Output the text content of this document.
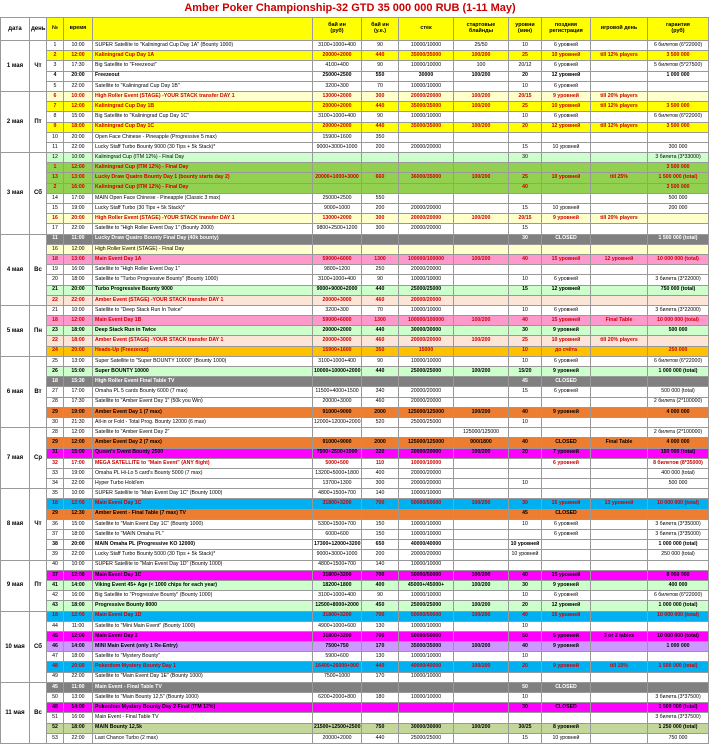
Amber Poker Championship-32 GTD 35 000 000 RUB (1-11 May)
дата	день	№	время		бай ин
(руб)	бай ин
(у.е.)	стек	стартовые
блайнды	уровни
(мин)	поздняя
регистрация	игровой день	гарантия
(руб)
1 мая	Чт	1	10:00	SUPER Satellite to "Kaliningrad Cup Day 1A" (Bounty 1000)	3100+1000+400	90	10000/10000	25/50	10	6 уровней		6 билетов (6*22000)
		2	12:00	Kaliningrad Cup Day 1A	20000+2000	440	35000/35000	100/200	25	10 уровней	till 12% players	3 500 000
		3	17:30	Big Satellite to "Freezeout"	4100+400	90	10000/10000	100	20/12	6 уровней		5 билетов (5*27500)
		4	20:00	Freezeout	25000+2500	550	30000	100/200	20	12 уровней		1 000 000
		5	22:00	Satellite to "Kaliningrad Cup Day 1B"	3200+300	70	10000/10000		10	6 уровней		
2 мая	Пт	6	10:00	High Roller Event (STAGE) -YOUR STACK transfer DAY 1	13000+2000	300	20000/20000	100/200	20/15	9 уровней	till 20% players	
		7	12:00	Kaliningrad Cup Day 1B	20000+2000	440	35000/35000	100/200	25	10 уровней	till 12% players	3 500 000
		8	15:00	Big Satellite to "Kaliningrad Cup Day 1C"	3100+1000+400	90	10000/10000		10	6 уровней		6 билетов (6*22000)
		9	18:00	Kaliningrad Cup Day 1C	20000+2000	440	35000/35000	100/200	20	12 уровней	till 12% players	3 500 000
		10	20:00	Open Face Chinese - Pineapple (Progressive 5 max)	15900+1600	350						
		11	22:00	Lucky Staff Turbo Bounty 9000 (30 Tips + 5k Stack)*	9000+3000+1000	200	20000/20000		15	10 уровней		300 000
3 мая	Сб	12	10:00	Kaliningrad Cup (ITM 12%) - Final Day					30			3 билета (3*33000)
		1	12:00	Kaliningrad Cup (ITM 12%) - Final Day								3 500 000
		13	13:00	Lucky Draw Quatro Bounty Day 1 (bounty starts day 2)	20000+1000+3000	660	36000/35000	100/200	25	10 уровней	till 25%	1 500 000 (total)
		2	16:00	Kaliningrad Cup (ITM 12%) - Final Day					40			3 500 000
		14	17:00	MAIN Open Face Chinese - Pineapple (Classic 3 max)	25000+2500	550						500 000
		15	19:00	Lucky Staff Turbo (30 Tips + 5k Stack)*	9000+1000	200	20000/20000		15	10 уровней		200 000
		16	20:00	High Roller Event (STAGE) -YOUR STACK transfer DAY 1	13000+2000	300	20000/20000	100/200	20/15	9 уровней	till 20% players	
		17	22:00	Satellite to "High Roller Event Day 1" (Bounty 2000)	9800+2500+1200	300	20000/20000		15			
4 мая	Вс	11	11:00	Lucky Draw Quatro Bounty Final Day (40k bounty)					30	CLOSED		1 500 000 (total)
		16	12:00	High Roller Event (STAGE) - Final Day								
		18	13:00	Main Event Day 1A	59000+6000	1300	100000/100000	100/200	40	15 уровней	12 уровней	10 000 000 (total)
		19	16:00	Satellite to "High Roller Event Day 1"	9800+1200	250	20000/20000					
		20	18:00	Satellite to "Turbo Progressive Bounty" (Bounty 1000)	3100+1000+400	90	10000/10000		10	6 уровней		3 билета (3*22000)
		21	20:00	Turbo Progressive Bounty 9000	9000+9000+2000	440	25000/25000		15	12 уровней		750 000 (total)
		22	22:00	Amber Event (STAGE) -YOUR STACK transfer DAY 1	20000+3000	460	20000/20000					
5 мая	Пн	21	10:00	Satellite to "Deep Stack Run In Twice"	3200+300	70	10000/10000		10	6 уровней		3 билета (3*22000)
		18	12:00	Main Event Day 1B	59000+6000	1300	100000/100000	100/200	40	15 уровней	Final Table	10 000 000 (total)
		23	18:00	Deep Stack Run in Twice	20000+2000	440	30000/30000		30	9 уровней		500 000
		22	18:00	Amber Event (STAGE) -YOUR STACK transfer DAY 1	20000+3000	460	20000/20000	100/200	25	10 уровней	till 20% players	
		24	20:00	Heads-Up (Freezeout)	15900+1600	350	15000		10	до счёта		250 000
6 мая	Вт	25	13:00	Super Satellite to "Super BOUNTY 10000" (Bounty 1000)	3100+1000+400	90	10000/10000		10	6 уровней		6 билетов (6*22000)
		26	15:00	Super BOUNTY 10000	10000+10000+2000	440	25000/25000	100/200	15/20	9 уровней		1 000 000 (total)
		18	15:30	High Roller Event Final Table TV					45	CLOSED		
		27	17:00	Omaha PL 5 cards Bounty 6000 (7 max)	11500+4000+1500	340	20000/20000		15	6 уровней		500 000 (total)
		28	17:30	Satellite to "Amber Event Day 1" (50k you Win)	20000+3000	460	20000/20000					2 билета (2*100000)
		29	19:00	Amber Event Day 1 (7 max)	91000+9000	2000	125000/125000	100/200	40	9 уровней		4 000 000
		30	21:30	All-in or Fold - Total Prog. Bounty 12000 (6 max)	12000+12000+2000	520	25000/25000		10			
7 мая	Ср	28	12:00	Satellite to "Amber Event Day 2"				125000/125000				2 билета (2*100000)
		29	12:00	Amber Event Day 2 (7 max)	91000+9000	2000	125000/125000	900/1800	40	CLOSED	Final Table	4 000 000
		31	15:00	Queen's Event Bounty 2500	7500+2500+1000	220	20000/20000	100/200	20	7 уровней		150 000 (total)
		32	17:00	MEGA SATELLITE to "Main Event" (ANY flight)	5000+500	110	10000/10000			6 уровней		8 билетов (8*35000)
		33	19:00	Omaha PL Hi-Lo 5 card's Bounty 5000 (7 max)	13200+5000+1800	400	20000/20000					400 000 (total)
		34	22:00	Hyper Turbo Hold'em	13700+1300	300	20000/20000		10			500 000
8 мая	Чт	35	10:00	SUPER Satellite to "Main Event Day 1C" (Bounty 1000)	4800+1500+700	140	10000/10000					
		18	12:00	Main Event Day 1C	31800+3200	700	50000/50000	100/200	30	15 уровней	13 уровней	10 000 000 (total)
		29	12:30	Amber Event - Final Table (7 max) TV					45	CLOSED		
		36	15:00	Satellite to "Main Event Day 1C" (Bounty 1000)	5300+1500+700	150	10000/10000		10	6 уровней		3 билета (3*35000)
		37	18:00	Satellite to "MAIN Omaha PL"	6000+600	150	10000/10000			6 уровней		3 билета (3*35000)
		38	20:00	MAIN Omaha PL (Progressive KO 12000)	17300+12000+3200	650	40000/40000		10 уровней			1 000 000 (total)
		39	22:00	Lucky Staff Turbo Bounty 5000 (30 Tips + 5k Stack)*	9000+3000+1000	200	20000/20000		10 уровней			250 000 (total)
9 мая	Пт	40	10:00	SUPER Satellite to "Main Event Day 1D" (Bounty 1000)	4800+1500+700	140	10000/10000					
		37	12:00	Main Event Day 1C	31800+3200	700	50000/50000	100/200	40	15 уровней		8 000 000
		41	14:00	Viking Event 45+ Age (< 1000 chips for each year)	18200+1800	400	45000+/45000+	100/200	30	9 уровней		400 000
		42	16:00	Big Satellite to "Progressive Bounty" (Bounty 1000)	3100+1000+400	90	10000/10000		10	6 уровней		6 билетов (6*22000)
		43	18:00	Progressive Bounty 8000	12500+8000+2000	450	25000/25000	100/200	20	12 уровней		1 000 000 (total)
10 мая	Сб	18	12:00	Main Event Day 1D	31800+3200	700	50000/50000	100/200	40	15 уровней		10 000 000 (total)
		44	11:00	Satellite to "Mini Main Event" (Bounty 1000)	4900+1000+600	130	10000/10000		10			
		45	12:00	Main Event Day 2	31800+3200	700	50000/50000		50	5 уровней	3 or 2 tables	10 000 000 (total)
		46	14:00	MINI Main Event (only 1 Re-Entry)	7500+750	170	35000/35000	100/200	40	9 уровней		1 000 000
		47	18:00	Satellite to "Mystery Bounty"	5900+600	130	10000/10000		10			
		48	20:00	Pokerdom Mystery Bounty Day 1	16400+26000+900	440	40000/40000	100/200	20	9 уровней	till 15%	1 500 000 (total)
		49	22:00	Satellite to "Main Event Day 1E" (Bounty 1000)	7500+1000	170	10000/10000					
11 мая	Вс	45	11:00	Main Event - Final Table TV					50	CLOSED		
		50	13:00	Satellite to "Main Bounty 12,5" (Bounty 1000)	6200+2000+800	180	10000/10000		10			3 билета (3*37500)
		48	14:00	Pokerdom Mystery Bounty Day 2 Final (ITM 12%)					30	CLOSED		1 500 000 (total)
		51	16:00	Main Event - Final Table TV								3 билета (3*37500)
		52	18:00	MAIN Bounty 12,5k	21500+12500+2500	750	30000/30000	100/200	30/25	8 уровней		1 250 000 (total)
		53	22:00	Last Chance Turbo (2 max)	20000+2000	440	25000/25000		15	10 уровней		750 000
